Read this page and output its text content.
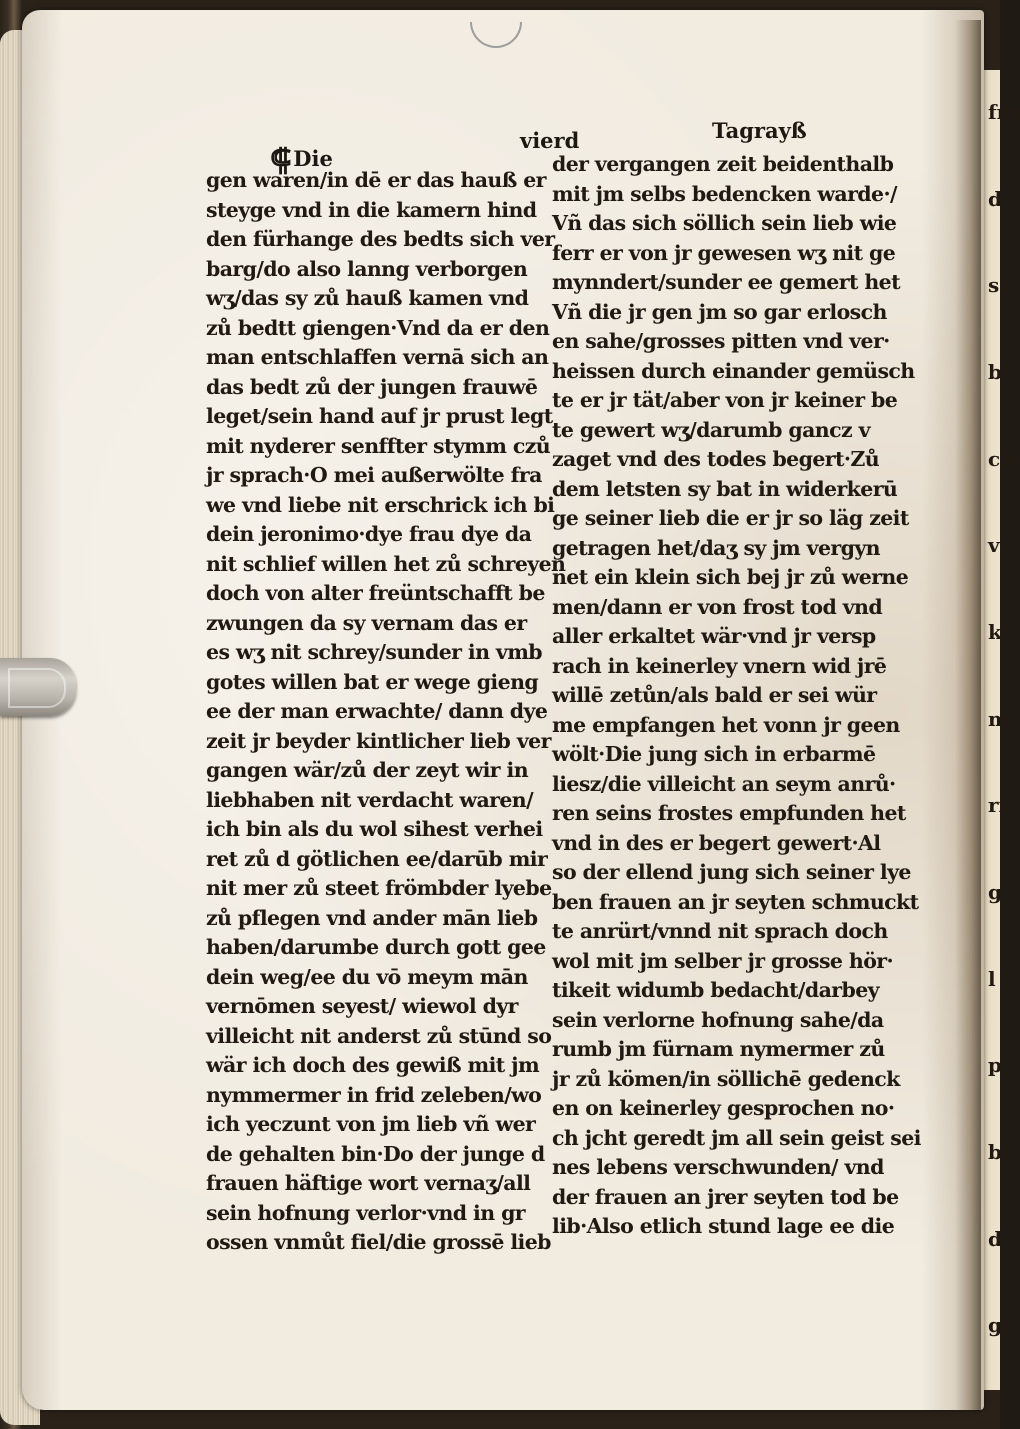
fre
d
sc
b
ch
v
k
m
ri
g
l
p
b
d
gr
⸿Die
vierd	Tagrayß
gen waren/in dē er das hauß er
steyge vnd in die kamern hind
den fürhange des bedts sich ver
barg/do also lanng verborgen
wʒ/das sy zů hauß kamen vnd
zů bedtt giengen·Vnd da er den
man entschlaffen vernā sich an
das bedt zů der jungen frauwē
leget/sein hand auf jr prust legt
mit nyderer senffter stymm czů
jr sprach·O mei außerwölte fra
we vnd liebe nit erschrick ich bi
dein jeronimo·dye frau dye da
nit schlief willen het zů schreyen
doch von alter freüntschafft be
zwungen da sy vernam das er
es wʒ nit schrey/sunder in vmb
gotes willen bat er wege gieng
ee der man erwachte/ dann dye
zeit jr beyder kintlicher lieb ver
gangen wär/zů der zeyt wir in
liebhaben nit verdacht waren/
ich bin als du wol sihest verhei
ret zů d götlichen ee/darūb mir
nit mer zů steet frömbder lyebe
zů pflegen vnd ander mān lieb
haben/darumbe durch gott gee
dein weg/ee du vō meym mān
vernōmen seyest/ wiewol dyr
villeicht nit anderst zů stūnd so
wär ich doch des gewiß mit jm
nymmermer in frid zeleben/wo
ich yeczunt von jm lieb vñ wer
de gehalten bin·Do der junge d
frauen häftige wort vernaʒ/all
sein hofnung verlor·vnd in gr
ossen vnmůt fiel/die grossē lieb
der vergangen zeit beidenthalb
mit jm selbs bedencken warde·/
Vñ das sich söllich sein lieb wie
ferr er von jr gewesen wʒ nit ge
mynndert/sunder ee gemert het
Vñ die jr gen jm so gar erlosch
en sahe/grosses pitten vnd ver·
heissen durch einander gemüsch
te er jr tät/aber von jr keiner be
te gewert wʒ/darumb gancz v
zaget vnd des todes begert·Zů
dem letsten sy bat in widerkerū
ge seiner lieb die er jr so läg zeit
getragen het/daʒ sy jm vergyn
net ein klein sich bej jr zů werne
men/dann er von frost tod vnd
aller erkaltet wär·vnd jr versp
rach in keinerley vnern wid jrē
willē zetůn/als bald er sei wür
me empfangen het vonn jr geen
wölt·Die jung sich in erbarmē
liesz/die villeicht an seym anrů·
ren seins frostes empfunden het
vnd in des er begert gewert·Al
so der ellend jung sich seiner lye
ben frauen an jr seyten schmuckt
te anrürt/vnnd nit sprach doch
wol mit jm selber jr grosse hör·
tikeit widumb bedacht/darbey
sein verlorne hofnung sahe/da
rumb jm fürnam nymermer zů
jr zů kömen/in söllichē gedenck
en on keinerley gesprochen no·
ch jcht geredt jm all sein geist sei
nes lebens verschwunden/ vnd
der frauen an jrer seyten tod be
lib·Also etlich stund lage ee die
